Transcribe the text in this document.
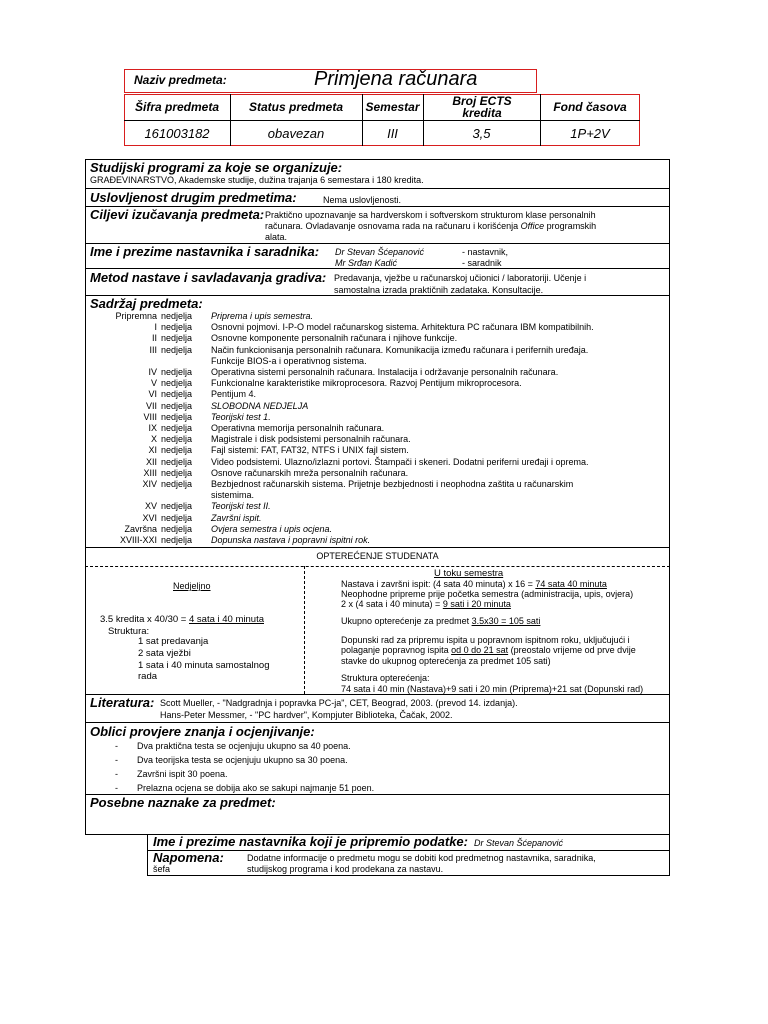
Naziv predmeta:	Primjena računara
Šifra predmeta	Status predmeta	Semestar	Broj ECTS kredita	Fond časova
161003182	obavezan	III	3,5	1P+2V
Studijski programi za koje se organizuje:
GRAĐEVINARSTVO, Akademske studije, dužina trajanja 6 semestara i 180 kredita.
Uslovljenost drugim predmetima:	Nema uslovljenosti.
Ciljevi izučavanja predmeta: Praktično upoznavanje sa hardverskom i softverskom strukturom klase personalnih
računara. Ovladavanje osnovama rada na računaru i korišćenja Office programskih
alata.
Ime i prezime nastavnika i saradnika: Dr Stevan Šćepanović	- nastavnik,
Mr Srđan Kadić	- saradnik
Metod nastave i savladavanja gradiva: Predavanja, vježbe u računarskoj učionici / laboratoriji. Učenje i
samostalna izrada praktičnih zadataka. Konsultacije.
Sadržaj predmeta:
Pripremna nedjelja Priprema i upis semestra.
I nedjelja Osnovni pojmovi. I-P-O model računarskog sistema. Arhitektura PC računara IBM kompatibilnih.
II nedjelja Osnovne komponente personalnih računara i njihove funkcije.
III nedjelja Način funkcionisanja personalnih računara. Komunikacija između računara i perifernih uređaja.
Funkcije BIOS-a i operativnog sistema.
IV nedjelja Operativna sistemi personalnih računara. Instalacija i održavanje personalnih računara.
V nedjelja Funkcionalne karakteristike mikroprocesora. Razvoj Pentijum mikroprocesora.
VI nedjelja Pentijum 4.
VII nedjelja SLOBODNA NEDJELJA
VIII nedjelja Teorijski test 1.
IX nedjelja Operativna memorija personalnih računara.
X nedjelja Magistrale i disk podsistemi personalnih računara.
XI nedjelja Fajl sistemi: FAT, FAT32, NTFS i UNIX fajl sistem.
XII nedjelja Video podsistemi. Ulazno/izlazni portovi. Štampači i skeneri. Dodatni periferni uređaji i oprema.
XIII nedjelja Osnove računarskih mreža personalnih računara.
XIV nedjelja Bezbjednost računarskih sistema. Prijetnje bezbjednosti i neophodna zaštita u računarskim
sistemima.
XV nedjelja Teorijski test II.
XVI nedjelja Završni ispit.
Završna nedjelja Ovjera semestra i upis ocjena.
XVIII-XXI nedjelja Dopunska nastava i popravni ispitni rok.
OPTEREĆENJE STUDENATA
Nedjeljno
3.5 kredita x 40/30 = 4 sata i 40 minuta
Struktura:
1 sat predavanja
2 sata vježbi
1 sata i 40 minuta samostalnog
rada
U toku semestra
Nastava i završni ispit: (4 sata 40 minuta) x 16 = 74 sata 40 minuta
Neophodne pripreme prije početka semestra (administracija, upis, ovjera)
2 x (4 sata i 40 minuta) = 9 sati i 20 minuta
Ukupno opterećenje za predmet 3.5x30 = 105 sati
Dopunski rad za pripremu ispita u popravnom ispitnom roku, uključujući i
polaganje popravnog ispita od 0 do 21 sat (preostalo vrijeme od prve dvije
stavke do ukupnog opterećenja za predmet 105 sati)
Struktura opterećenja:
74 sata i 40 min (Nastava)+9 sati i 20 min (Priprema)+21 sat (Dopunski rad)
Literatura: Scott Mueller, - "Nadgradnja i popravka PC-ja", CET, Beograd, 2003. (prevod 14. izdanja).
Hans-Peter Messmer, - "PC hardver", Kompjuter Biblioteka, Čačak, 2002.
Oblici provjere znanja i ocjenjivanje:
- Dva praktična testa se ocjenjuju ukupno sa 40 poena.
- Dva teorijska testa se ocjenjuju ukupno sa 30 poena.
- Završni ispit 30 poena.
- Prelazna ocjena se dobija ako se sakupi najmanje 51 poen.
Posebne naznake za predmet:
Ime i prezime nastavnika koji je pripremio podatke: Dr Stevan Šćepanović
Napomena:	Dodatne informacije o predmetu mogu se dobiti kod predmetnog nastavnika, saradnika,
šefa	studijskog programa i kod prodekana za nastavu.
